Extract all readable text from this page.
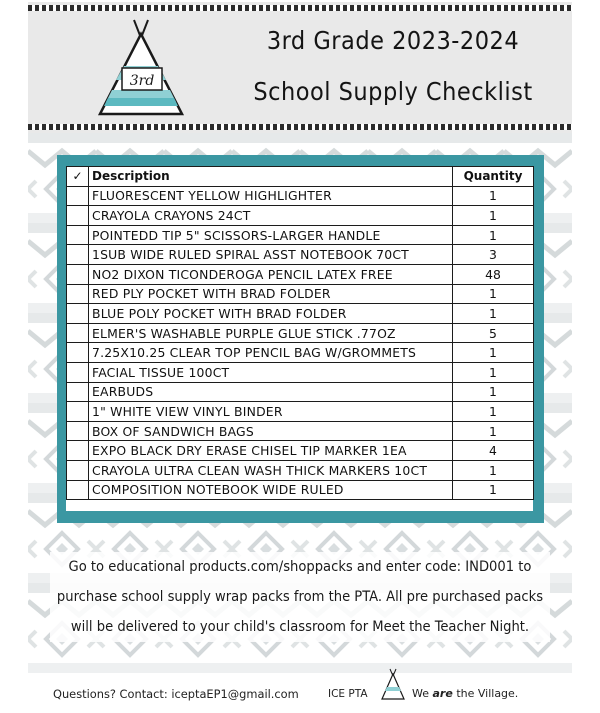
3rd
3rd Grade 2023-2024
School Supply Checklist
✓	Description	Quantity
	FLUORESCENT YELLOW HIGHLIGHTER	1
	CRAYOLA CRAYONS 24CT	1
	POINTEDD TIP 5" SCISSORS-LARGER HANDLE	1
	1SUB WIDE RULED SPIRAL ASST NOTEBOOK 70CT	3
	NO2 DIXON TICONDEROGA PENCIL LATEX FREE	48
	RED PLY POCKET WITH BRAD FOLDER	1
	BLUE POLY POCKET WITH BRAD FOLDER	1
	ELMER'S WASHABLE PURPLE GLUE STICK .77OZ	5
	7.25X10.25 CLEAR TOP PENCIL BAG W/GROMMETS	1
	FACIAL TISSUE 100CT	1
	EARBUDS	1
	1" WHITE VIEW VINYL BINDER	1
	BOX OF SANDWICH BAGS	1
	EXPO BLACK DRY ERASE CHISEL TIP MARKER 1EA	4
	CRAYOLA ULTRA CLEAN WASH THICK MARKERS 10CT	1
	COMPOSITION NOTEBOOK WIDE RULED	1
Go to educational products.com/shoppacks and enter code: IND001 to
purchase school supply wrap packs from the PTA. All pre purchased packs
will be delivered to your child's classroom for Meet the Teacher Night.
Questions? Contact: iceptaEP1@gmail.com	ICE PTA	We are the Village.
